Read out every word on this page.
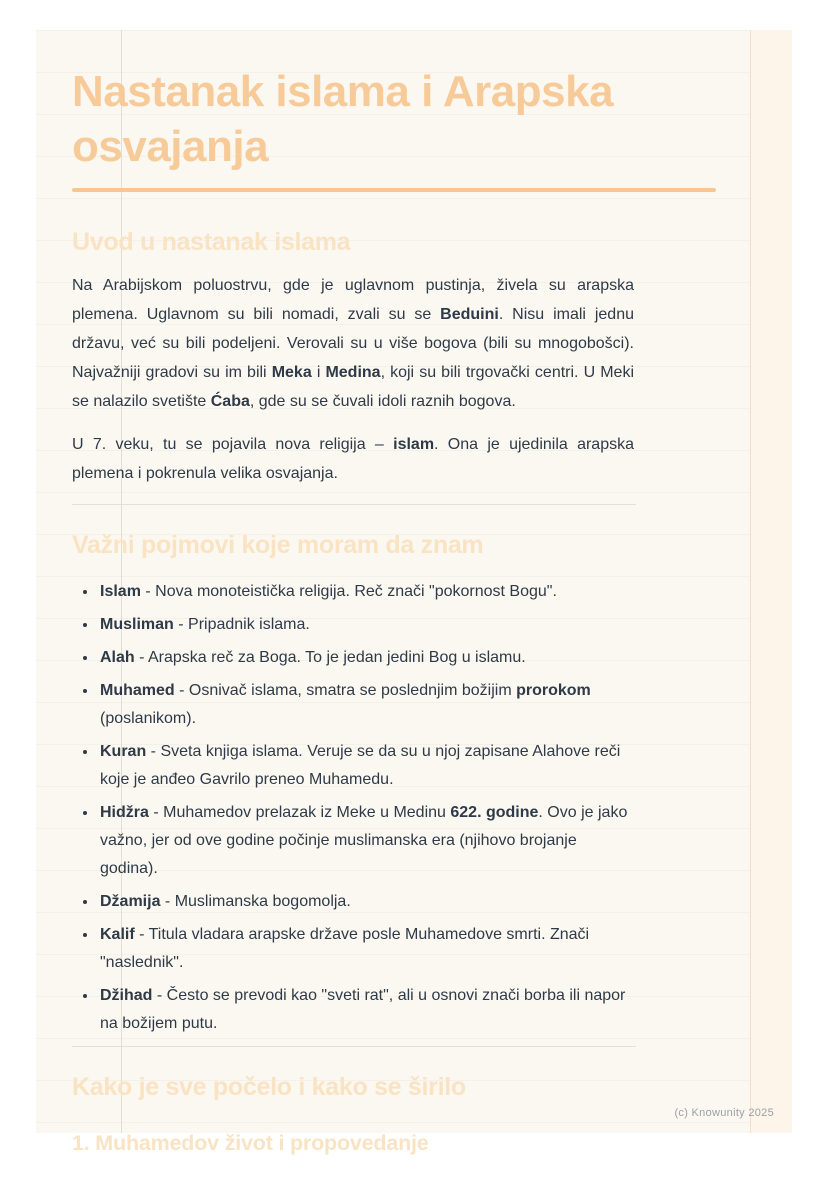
Nastanak islama i Arapska osvajanja
Uvod u nastanak islama

Na Arabijskom poluostrvu, gde je uglavnom pustinja, živela su arapska plemena. Uglavnom su bili nomadi, zvali su se Beduini. Nisu imali jednu državu, već su bili podeljeni. Verovali su u više bogova (bili su mnogobošci). Najvažniji gradovi su im bili Meka i Medina, koji su bili trgovački centri. U Meki se nalazilo svetište Ćaba, gde su se čuvali idoli raznih bogova.

U 7. veku, tu se pojavila nova religija – islam. Ona je ujedinila arapska plemena i pokrenula velika osvajanja.

Važni pojmovi koje moram da znam
• Islam - Nova monoteistička religija. Reč znači "pokornost Bogu".
• Musliman - Pripadnik islama.
• Alah - Arapska reč za Boga. To je jedan jedini Bog u islamu.
• Muhamed - Osnivač islama, smatra se poslednjim božijim prorokom (poslanikom).
• Kuran - Sveta knjiga islama. Veruje se da su u njoj zapisane Alahove reči koje je anđeo Gavrilo preneo Muhamedu.
• Hidžra - Muhamedov prelazak iz Meke u Medinu 622. godine. Ovo je jako važno, jer od ove godine počinje muslimanska era (njihovo brojanje godina).
• Džamija - Muslimanska bogomolja.
• Kalif - Titula vladara arapske države posle Muhamedove smrti. Znači "naslednik".
• Džihad - Često se prevodi kao "sveti rat", ali u osnovi znači borba ili napor na božijem putu.
Kako je sve počelo i kako se širilo
1. Muhamedov život i propovedanje
(c) Knowunity 2025
